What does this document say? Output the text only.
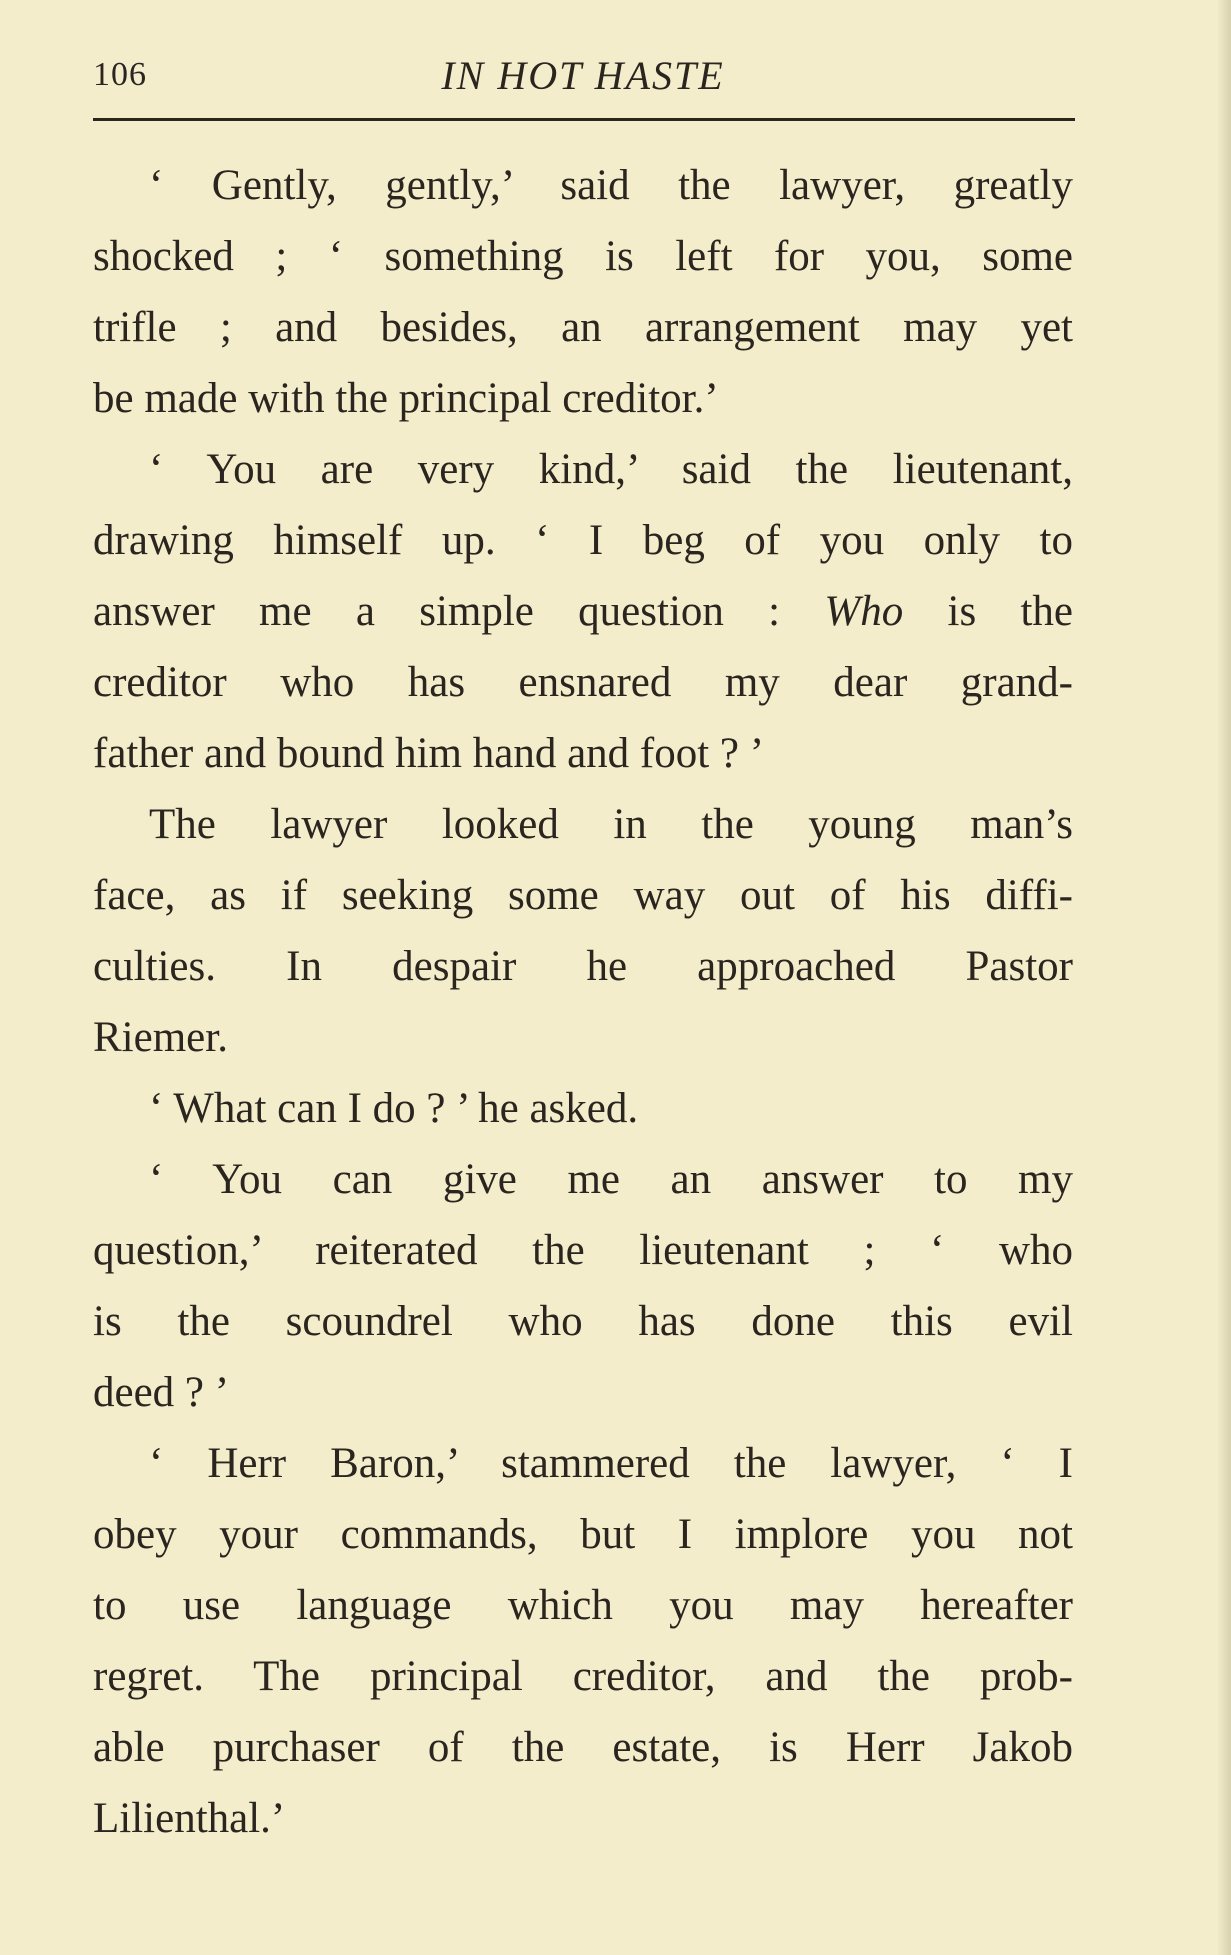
106	IN HOT HASTE
‘ Gently, gently,’ said the lawyer, greatly
shocked ; ‘ something is left for you, some
trifle ; and besides, an arrangement may yet
be made with the principal creditor.’
‘ You are very kind,’ said the lieutenant,
drawing himself up. ‘ I beg of you only to
answer me a simple question : Who is the
creditor who has ensnared my dear grand-
father and bound him hand and foot ? ’
The lawyer looked in the young man’s
face, as if seeking some way out of his diffi-
culties. In despair he approached Pastor
Riemer.
‘ What can I do ? ’ he asked.
‘ You can give me an answer to my
question,’ reiterated the lieutenant ; ‘ who
is the scoundrel who has done this evil
deed ? ’
‘ Herr Baron,’ stammered the lawyer, ‘ I
obey your commands, but I implore you not
to use language which you may hereafter
regret. The principal creditor, and the prob-
able purchaser of the estate, is Herr Jakob
Lilienthal.’
